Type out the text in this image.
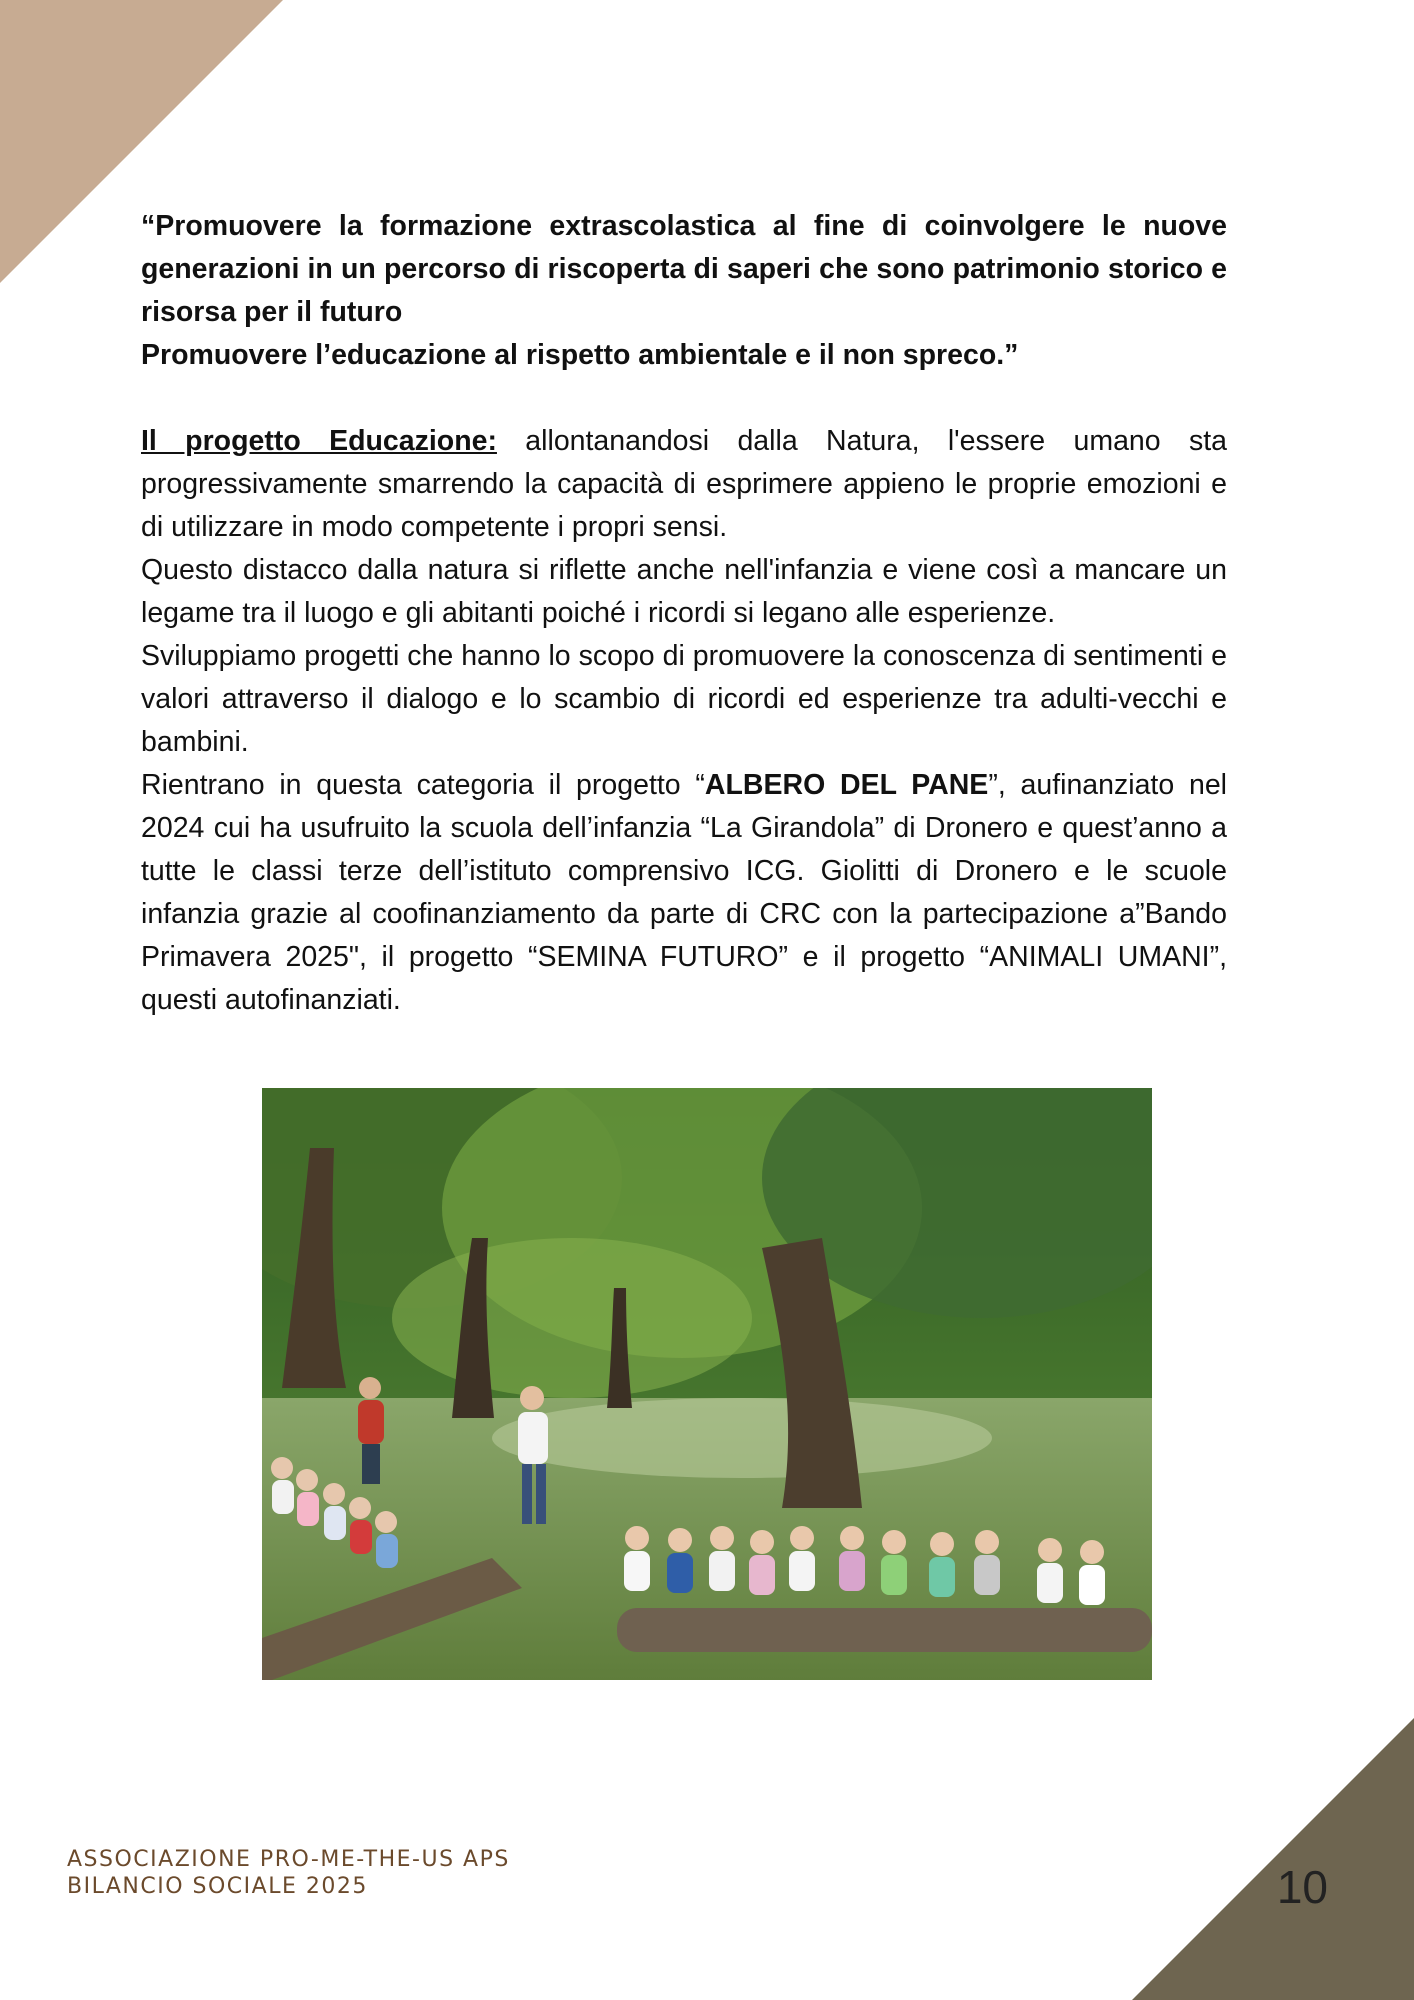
“Promuovere la formazione extrascolastica al fine di coinvolgere le nuove generazioni in un percorso di riscoperta di saperi che sono patrimonio storico e risorsa per il futuro
Promuovere l’educazione al rispetto ambientale e il non spreco.”

Il progetto Educazione: allontanandosi dalla Natura, l'essere umano sta progressivamente smarrendo la capacità di esprimere appieno le proprie emozioni e di utilizzare in modo competente i propri sensi.

Questo distacco dalla natura si riflette anche nell'infanzia e viene così a mancare un legame tra il luogo e gli abitanti poiché i ricordi si legano alle esperienze.

Sviluppiamo progetti che hanno lo scopo di promuovere la conoscenza di sentimenti e valori attraverso il dialogo e lo scambio di ricordi ed esperienze tra adulti-vecchi e bambini.

Rientrano in questa categoria il progetto “ALBERO DEL PANE”, aufinanziato nel 2024 cui ha usufruito la scuola dell’infanzia “La Girandola” di Dronero e quest’anno a tutte le classi terze dell’istituto comprensivo ICG. Giolitti di Dronero e le scuole infanzia grazie al coofinanziamento da parte di CRC con la partecipazione a”Bando Primavera 2025", il progetto “SEMINA FUTURO” e il progetto “ANIMALI UMANI”, questi autofinanziati.

ASSOCIAZIONE PRO-ME-THE-US APS
BILANCIO SOCIALE 2025	10
